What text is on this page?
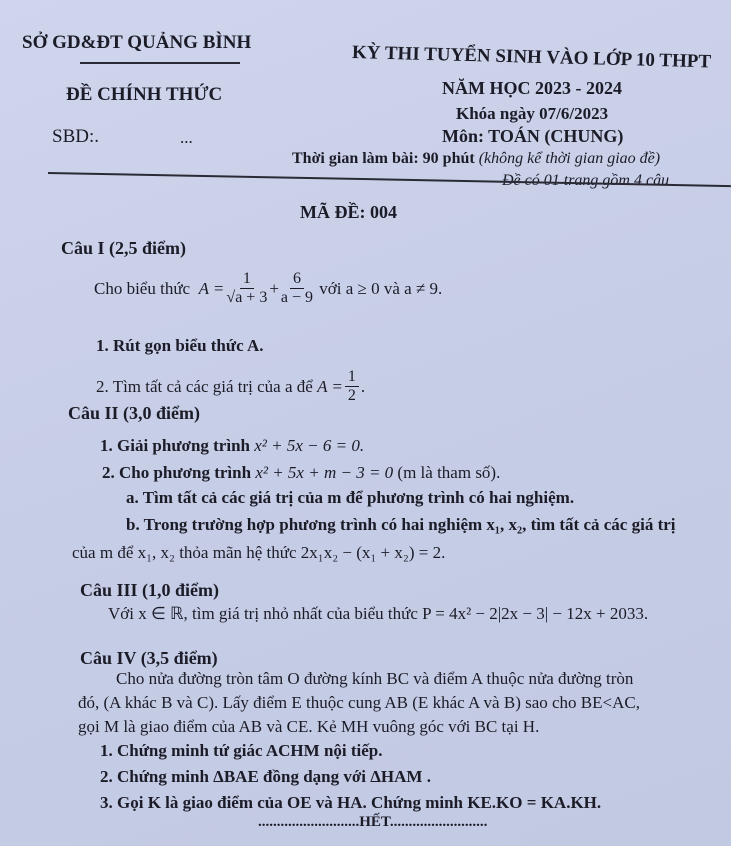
SỞ GD&ĐT QUẢNG BÌNH
ĐỀ CHÍNH THỨC
SBD:.	...
KỲ THI TUYỂN SINH VÀO LỚP 10 THPT
NĂM HỌC 2023 - 2024
Khóa ngày 07/6/2023
Môn: TOÁN (CHUNG)
Thời gian làm bài: 90 phút (không kể thời gian giao đề)
Đề có 01 trang gồm 4 câu
MÃ ĐỀ: 004
Câu I (2,5 điểm)
Cho biểu thức
$A = \frac{1}{√a + 3} + \frac{6}{a - 9}$
với a ≥ 0 và a ≠ 9.
1. Rút gọn biểu thức A.
2. Tìm tất cả các giá trị của a để
$A = \frac{1}{2}$ .
Câu II (3,0 điểm)
1. Giải phương trình x² + 5x − 6 = 0.
2. Cho phương trình x² + 5x + m − 3 = 0 (m là tham số).
a. Tìm tất cả các giá trị của m để phương trình có hai nghiệm.
b. Trong trường hợp phương trình có hai nghiệm x₁, x₂, tìm tất cả các giá trị
của m để x₁, x₂ thỏa mãn hệ thức 2x₁x₂ − (x₁ + x₂) = 2.
Câu III (1,0 điểm)
Với x ∈ ℝ, tìm giá trị nhỏ nhất của biểu thức P = 4x² − 2|2x − 3| − 12x + 2033.
Câu IV (3,5 điểm)
Cho nửa đường tròn tâm O đường kính BC và điểm A thuộc nửa đường tròn
đó, (A khác B và C). Lấy điểm E thuộc cung AB (E khác A và B) sao cho BE<AC,
gọi M là giao điểm của AB và CE. Kẻ MH vuông góc với BC tại H.
1. Chứng minh tứ giác ACHM nội tiếp.
2. Chứng minh ΔBAE đồng dạng với ΔHAM .
3. Gọi K là giao điểm của OE và HA. Chứng minh KE.KO = KA.KH.
...........................HẾT..........................
